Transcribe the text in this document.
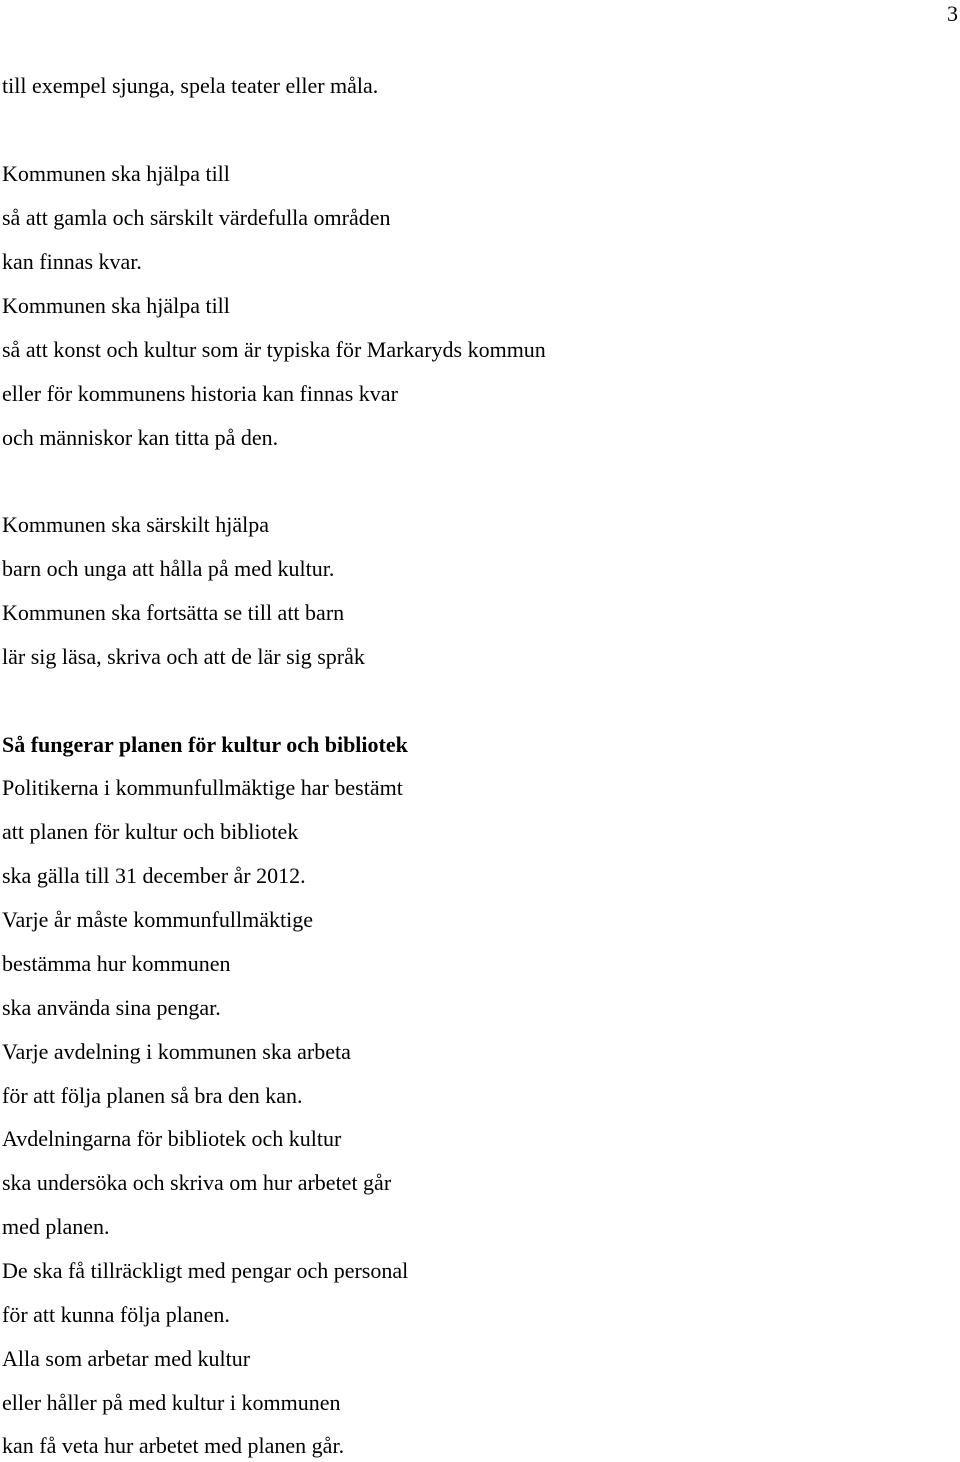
3
till exempel sjunga, spela teater eller måla.
Kommunen ska hjälpa till
så att gamla och särskilt värdefulla områden
kan finnas kvar.
Kommunen ska hjälpa till
så att konst och kultur som är typiska för Markaryds kommun
eller för kommunens historia kan finnas kvar
och människor kan titta på den.
Kommunen ska särskilt hjälpa
barn och unga att hålla på med kultur.
Kommunen ska fortsätta se till att barn
lär sig läsa, skriva och att de lär sig språk
Så fungerar planen för kultur och bibliotek
Politikerna i kommunfullmäktige har bestämt
att planen för kultur och bibliotek
ska gälla till 31 december år 2012.
Varje år måste kommunfullmäktige
bestämma hur kommunen
ska använda sina pengar.
Varje avdelning i kommunen ska arbeta
för att följa planen så bra den kan.
Avdelningarna för bibliotek och kultur
ska undersöka och skriva om hur arbetet går
med planen.
De ska få tillräckligt med pengar och personal
för att kunna följa planen.
Alla som arbetar med kultur
eller håller på med kultur i kommunen
kan få veta hur arbetet med planen går.
